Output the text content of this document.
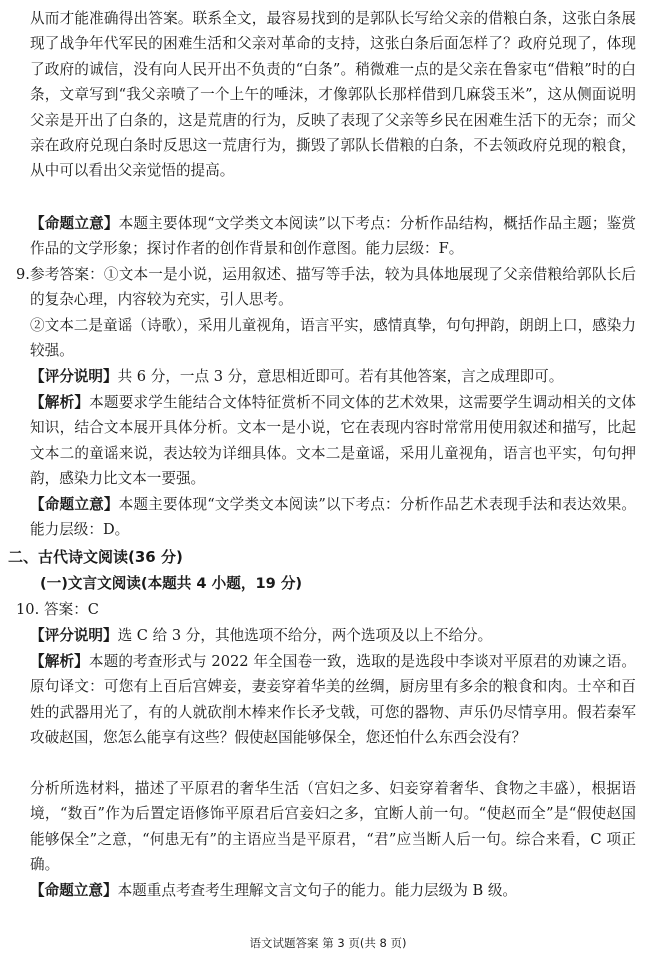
从而才能准确得出答案。联系全文，最容易找到的是郭队长写给父亲的借粮白条，这张白条展现了战争年代军民的困难生活和父亲对革命的支持，这张白条后面怎样了？政府兑现了，体现了政府的诚信，没有向人民开出不负责的“白条”。稍微难一点的是父亲在鲁家屯“借粮”时的白条，文章写到“我父亲喷了一个上午的唾沫，才像郭队长那样借到几麻袋玉米”，这从侧面说明父亲是开出了白条的，这是荒唐的行为，反映了表现了父亲等乡民在困难生活下的无奈；而父亲在政府兑现白条时反思这一荒唐行为，撕毁了郭队长借粮的白条，不去领政府兑现的粮食，从中可以看出父亲觉悟的提高。

【命题立意】本题主要体现“文学类文本阅读”以下考点：分析作品结构，概括作品主题；鉴赏作品的文学形象；探讨作者的创作背景和创作意图。能力层级：F。

9. 参考答案：①文本一是小说，运用叙述、描写等手法，较为具体地展现了父亲借粮给郭队长后的复杂心理，内容较为充实，引人思考。

②文本二是童谣（诗歌），采用儿童视角，语言平实，感情真挚，句句押韵，朗朗上口，感染力较强。

【评分说明】共 6 分，一点 3 分，意思相近即可。若有其他答案，言之成理即可。

【解析】本题要求学生能结合文体特征赏析不同文体的艺术效果，这需要学生调动相关的文体知识，结合文本展开具体分析。文本一是小说，它在表现内容时常常用使用叙述和描写，比起文本二的童谣来说，表达较为详细具体。文本二是童谣，采用儿童视角，语言也平实，句句押韵，感染力比文本一要强。

【命题立意】本题主要体现“文学类文本阅读”以下考点：分析作品艺术表现手法和表达效果。能力层级：D。

二、古代诗文阅读(36 分)
(一)文言文阅读(本题共 4 小题，19 分)
10. 答案：C

【评分说明】选 C 给 3 分，其他选项不给分，两个选项及以上不给分。

【解析】本题的考查形式与 2022 年全国卷一致，选取的是选段中李谈对平原君的劝谏之语。原句译文：可您有上百后宫婢妾，妻妾穿着华美的丝绸，厨房里有多余的粮食和肉。士卒和百姓的武器用光了，有的人就砍削木棒来作长矛戈戟，可您的器物、声乐仍尽情享用。假若秦军攻破赵国，您怎么能享有这些？假使赵国能够保全，您还怕什么东西会没有？

分析所选材料，描述了平原君的奢华生活（宫妇之多、妇妾穿着奢华、食物之丰盛），根据语境，“数百”作为后置定语修饰平原君后宫妾妇之多，宜断人前一句。“使赵而全”是“假使赵国能够保全”之意，“何患无有”的主语应当是平原君，“君”应当断人后一句。综合来看，C 项正确。

【命题立意】本题重点考查考生理解文言文句子的能力。能力层级为 B 级。

语文试题答案 第 3 页(共 8 页)
